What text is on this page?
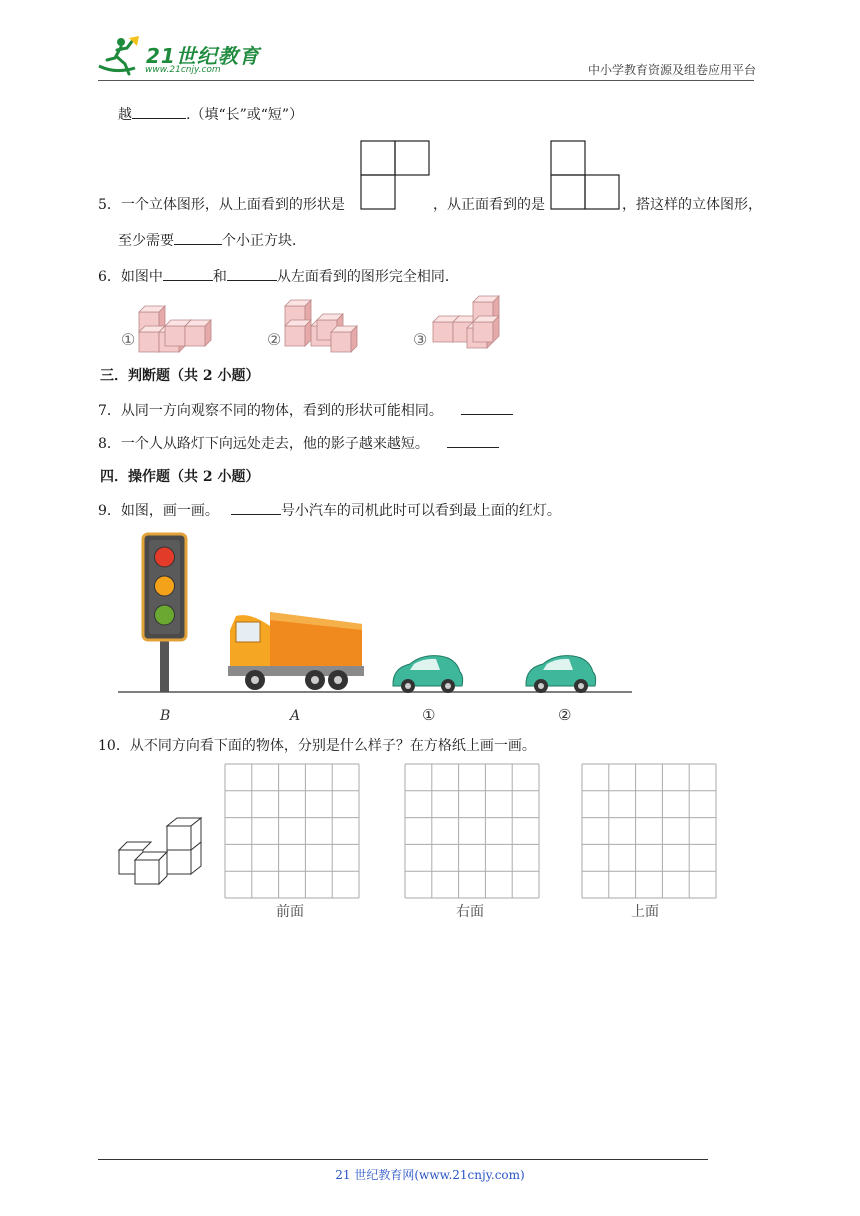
21世纪教育
www.21cnjy.com	中小学教育资源及组卷应用平台
越	.（填“长”或“短”）
5．一个立体图形，从上面看到的形状是	，从正面看到的是	，搭这样的立体图形，
至少需要	个小正方块．
6．如图中	和	从左面看到的图形完全相同．
①	②	③
三．判断题（共 2 小题）
7．从同一方向观察不同的物体，看到的形状可能相同。
8．一个人从路灯下向远处走去，他的影子越来越短。
四．操作题（共 2 小题）
9．如图，画一画。	号小汽车的司机此时可以看到最上面的红灯。
B	A	①	②
10．从不同方向看下面的物体，分别是什么样子？在方格纸上画一画。
前面	右面	上面
21 世纪教育网(www.21cnjy.com)
